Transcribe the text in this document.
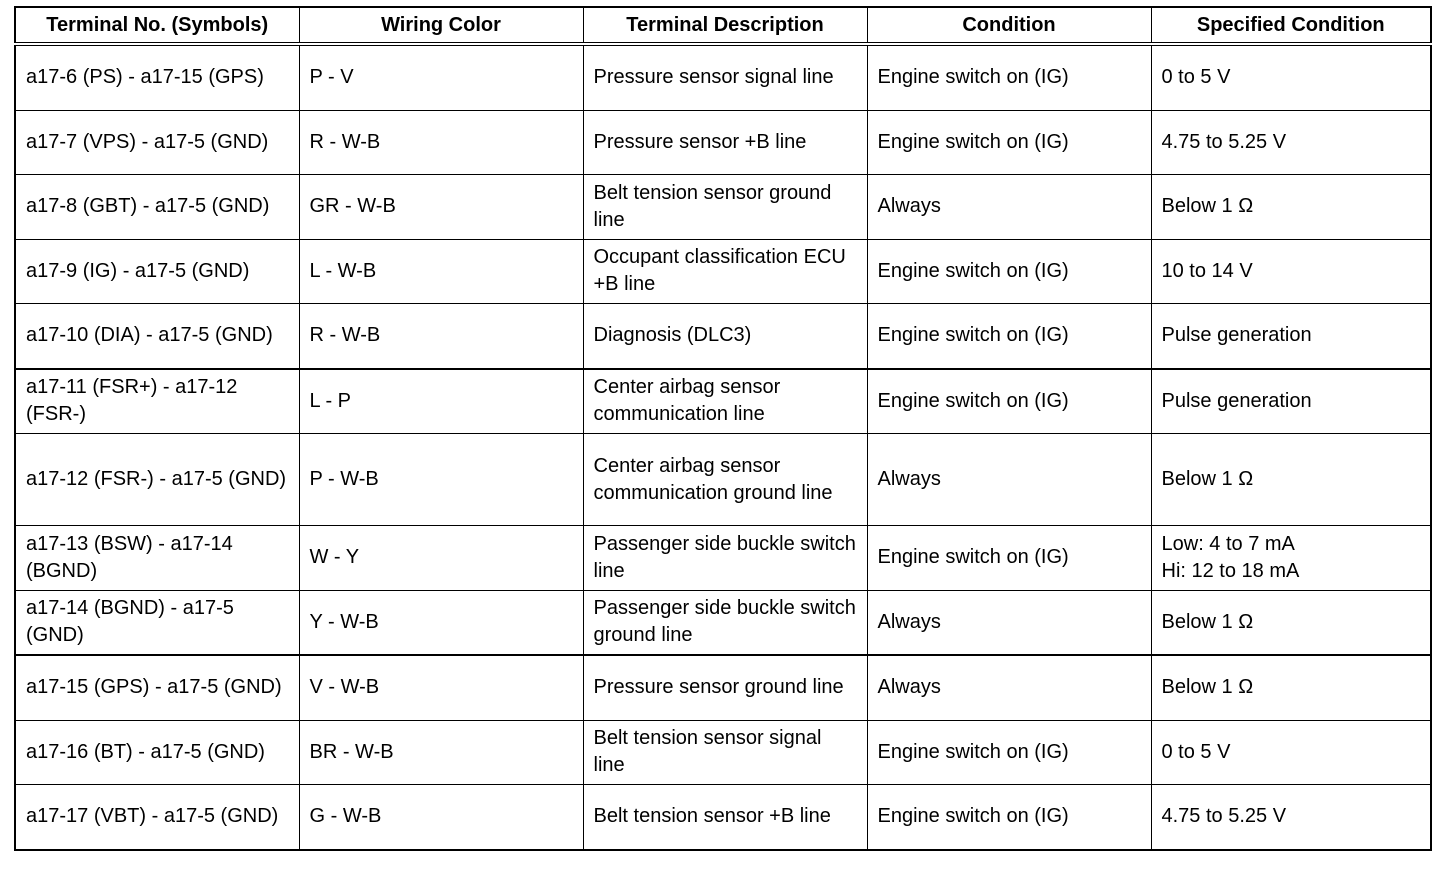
Terminal No. (Symbols)	Wiring Color	Terminal Description	Condition	Specified Condition
a17-6 (PS) - a17-15 (GPS)	P - V	Pressure sensor signal line	Engine switch on (IG)	0 to 5 V
a17-7 (VPS) - a17-5 (GND)	R - W-B	Pressure sensor +B line	Engine switch on (IG)	4.75 to 5.25 V
a17-8 (GBT) - a17-5 (GND)	GR - W-B	Belt tension sensor ground line	Always	Below 1 Ω
a17-9 (IG) - a17-5 (GND)	L - W-B	Occupant classification ECU +B line	Engine switch on (IG)	10 to 14 V
a17-10 (DIA) - a17-5 (GND)	R - W-B	Diagnosis (DLC3)	Engine switch on (IG)	Pulse generation
a17-11 (FSR+) - a17-12 (FSR-)	L - P	Center airbag sensor communication line	Engine switch on (IG)	Pulse generation
a17-12 (FSR-) - a17-5 (GND)	P - W-B	Center airbag sensor communication ground line	Always	Below 1 Ω
a17-13 (BSW) - a17-14 (BGND)	W - Y	Passenger side buckle switch line	Engine switch on (IG)	Low: 4 to 7 mA
Hi: 12 to 18 mA
a17-14 (BGND) - a17-5 (GND)	Y - W-B	Passenger side buckle switch ground line	Always	Below 1 Ω
a17-15 (GPS) - a17-5 (GND)	V - W-B	Pressure sensor ground line	Always	Below 1 Ω
a17-16 (BT) - a17-5 (GND)	BR - W-B	Belt tension sensor signal line	Engine switch on (IG)	0 to 5 V
a17-17 (VBT) - a17-5 (GND)	G - W-B	Belt tension sensor +B line	Engine switch on (IG)	4.75 to 5.25 V
